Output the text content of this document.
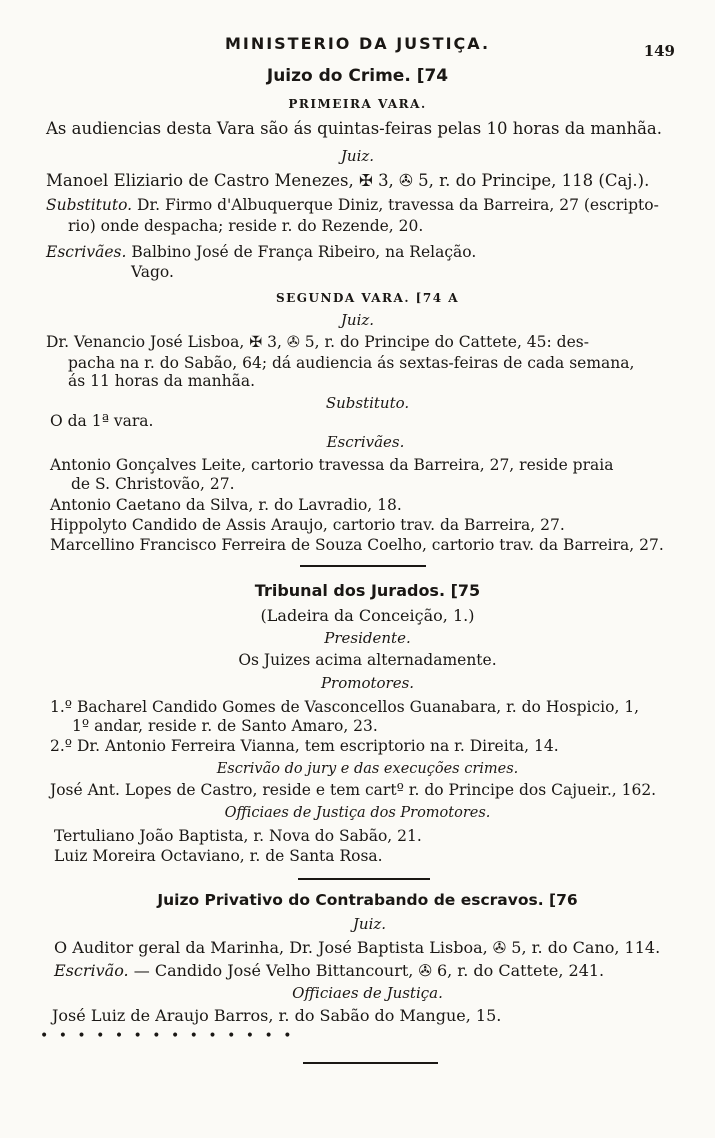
MINISTERIO DA JUSTIÇA.	149
Juizo do Crime. [74
PRIMEIRA VARA.
As audiencias desta Vara são ás quintas-feiras pelas 10 horas da manhãa.
Juiz.
Manoel Eliziario de Castro Menezes, ✠ 3, ✇ 5, r. do Principe, 118 (Caj.).
Substituto. Dr. Firmo d'Albuquerque Diniz, travessa da Barreira, 27 (escripto-
rio) onde despacha; reside r. do Rezende, 20.
Escrivães. Balbino José de França Ribeiro, na Relação.
Vago.
SEGUNDA VARA. [74 A
Juiz.
Dr. Venancio José Lisboa, ✠ 3, ✇ 5, r. do Principe do Cattete, 45: des-
pacha na r. do Sabão, 64; dá audiencia ás sextas-feiras de cada semana,
ás 11 horas da manhãa.
Substituto.
O da 1ª vara.
Escrivães.
Antonio Gonçalves Leite, cartorio travessa da Barreira, 27, reside praia
de S. Christovão, 27.
Antonio Caetano da Silva, r. do Lavradio, 18.
Hippolyto Candido de Assis Araujo, cartorio trav. da Barreira, 27.
Marcellino Francisco Ferreira de Souza Coelho, cartorio trav. da Barreira, 27.
Tribunal dos Jurados. [75
(Ladeira da Conceição, 1.)
Presidente.
Os Juizes acima alternadamente.
Promotores.
1.º Bacharel Candido Gomes de Vasconcellos Guanabara, r. do Hospicio, 1,
1º andar, reside r. de Santo Amaro, 23.
2.º Dr. Antonio Ferreira Vianna, tem escriptorio na r. Direita, 14.
Escrivão do jury e das execuções crimes.
José Ant. Lopes de Castro, reside e tem cartº r. do Principe dos Cajueir., 162.
Officiaes de Justiça dos Promotores.
Tertuliano João Baptista, r. Nova do Sabão, 21.
Luiz Moreira Octaviano, r. de Santa Rosa.
Juizo Privativo do Contrabando de escravos. [76
Juiz.
O Auditor geral da Marinha, Dr. José Baptista Lisboa, ✇ 5, r. do Cano, 114.
Escrivão. — Candido José Velho Bittancourt, ✇ 6, r. do Cattete, 241.
Officiaes de Justiça.
José Luiz de Araujo Barros, r. do Sabão do Mangue, 15.
• • • • • • • • • • • • • •
